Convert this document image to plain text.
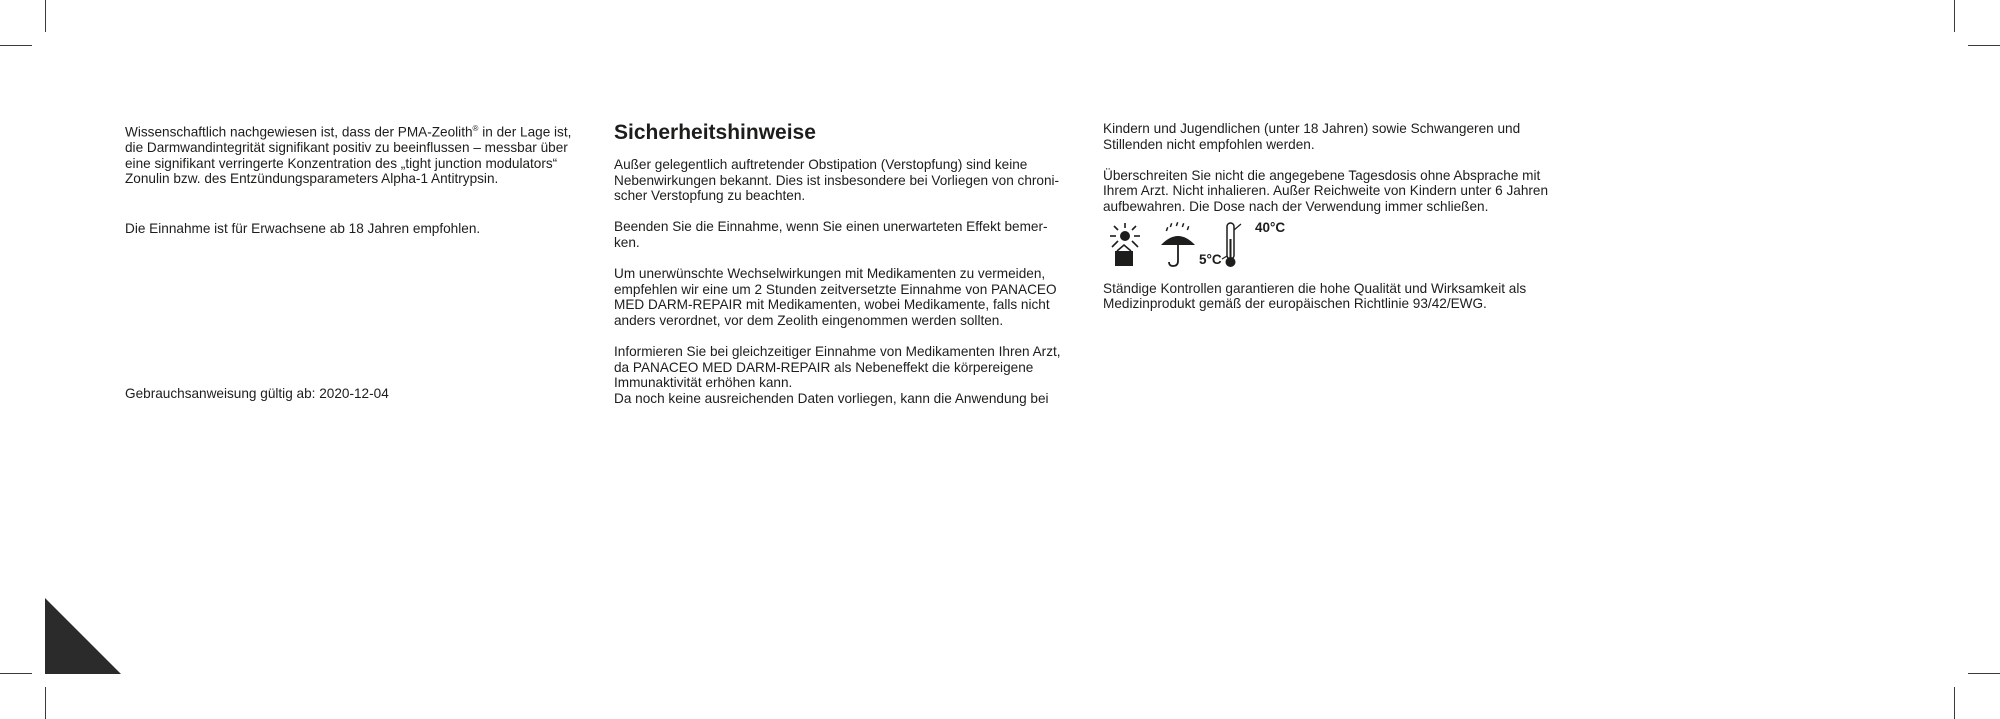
Wissenschaftlich nachgewiesen ist, dass der PMA-Zeolith® in der Lage ist,
die Darmwandintegrität signifikant positiv zu beeinflussen – messbar über
eine signifikant verringerte Konzentration des „tight junction modulators“
Zonulin bzw. des Entzündungsparameters Alpha-1 Antitrypsin.

Die Einnahme ist für Erwachsene ab 18 Jahren empfohlen.

Gebrauchsanweisung gültig ab: 2020-12-04
Sicherheitshinweise

Außer gelegentlich auftretender Obstipation (Verstopfung) sind keine
Nebenwirkungen bekannt. Dies ist insbesondere bei Vorliegen von chroni-
scher Verstopfung zu beachten.

Beenden Sie die Einnahme, wenn Sie einen unerwarteten Effekt bemer-
ken.

Um unerwünschte Wechselwirkungen mit Medikamenten zu vermeiden,
empfehlen wir eine um 2 Stunden zeitversetzte Einnahme von PANACEO
MED DARM-REPAIR mit Medikamenten, wobei Medikamente, falls nicht
anders verordnet, vor dem Zeolith eingenommen werden sollten.

Informieren Sie bei gleichzeitiger Einnahme von Medikamenten Ihren Arzt,
da PANACEO MED DARM-REPAIR als Nebeneffekt die körpereigene
Immunaktivität erhöhen kann.
Da noch keine ausreichenden Daten vorliegen, kann die Anwendung bei

Kindern und Jugendlichen (unter 18 Jahren) sowie Schwangeren und
Stillenden nicht empfohlen werden.

Überschreiten Sie nicht die angegebene Tagesdosis ohne Absprache mit
Ihrem Arzt. Nicht inhalieren. Außer Reichweite von Kindern unter 6 Jahren
aufbewahren. Die Dose nach der Verwendung immer schließen.

40°C
5°C

Ständige Kontrollen garantieren die hohe Qualität und Wirksamkeit als
Medizinprodukt gemäß der europäischen Richtlinie 93/42/EWG.
